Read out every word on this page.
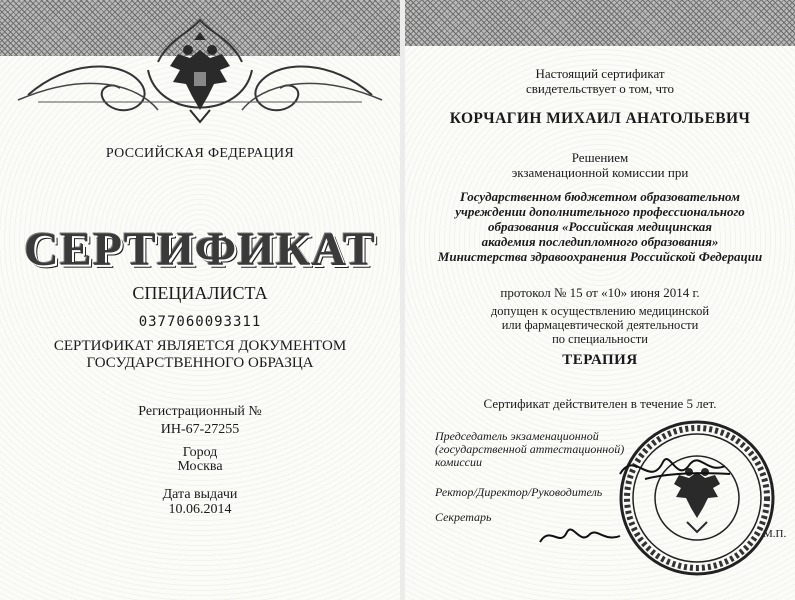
РОССИЙСКАЯ ФЕДЕРАЦИЯ
СЕРТИФИКАТ
СПЕЦИАЛИСТА
0377060093311
СЕРТИФИКАТ ЯВЛЯЕТСЯ ДОКУМЕНТОМ
ГОСУДАРСТВЕННОГО ОБРАЗЦА
Регистрационный №
ИН-67-27255
Город
Москва
Дата выдачи
10.06.2014
Настоящий сертификат
свидетельствует о том, что
КОРЧАГИН МИХАИЛ АНАТОЛЬЕВИЧ
Решением
экзаменационной комиссии при
Государственном бюджетном образовательном
учреждении дополнительного профессионального
образования «Российская медицинская
академия последипломного образования»
Министерства здравоохранения Российской Федерации
протокол № 15 от «10» июня 2014 г.
допущен к осуществлению медицинской
или фармацевтической деятельности
по специальности
ТЕРАПИЯ
Сертификат действителен в течение 5 лет.
Председатель экзаменационной
(государственной аттестационной)
комиссии
Ректор/Директор/Руководитель
Секретарь
М.П.
